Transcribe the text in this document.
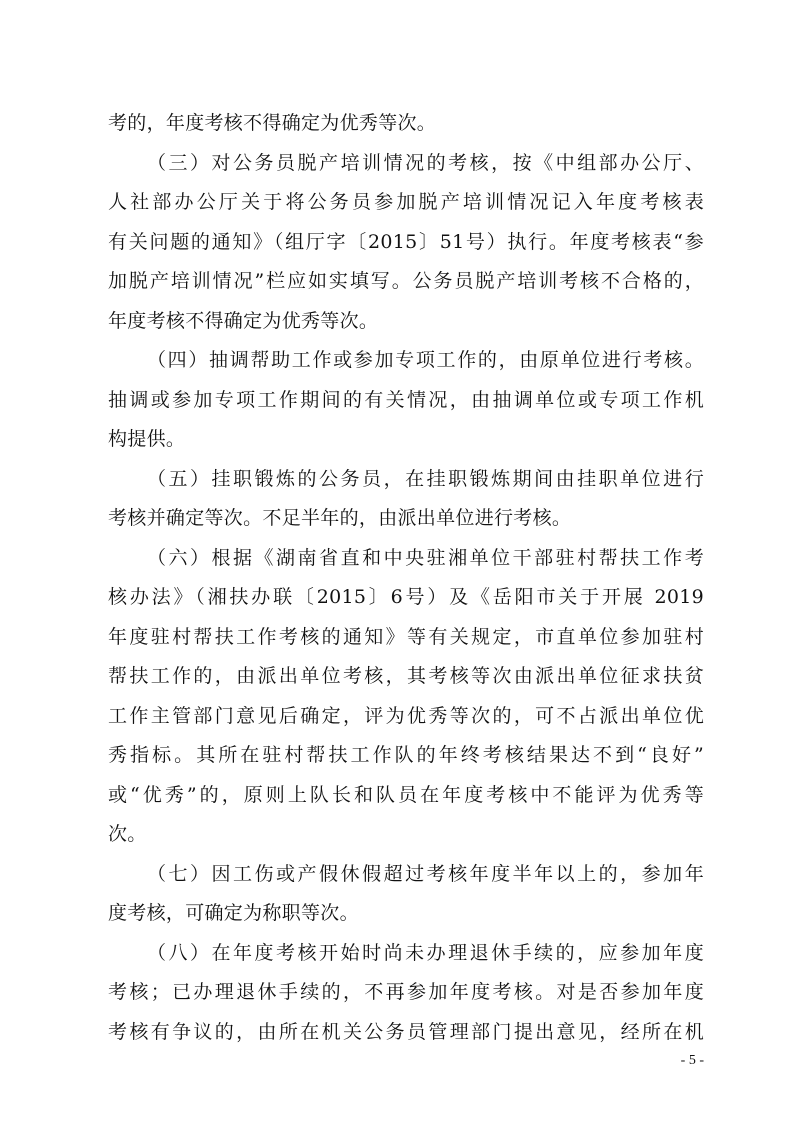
考的，年度考核不得确定为优秀等次。
（三）对公务员脱产培训情况的考核，按《中组部办公厅、
人社部办公厅关于将公务员参加脱产培训情况记入年度考核表
有关问题的通知》（组厅字〔2015〕51号）执行。年度考核表“参
加脱产培训情况”栏应如实填写。公务员脱产培训考核不合格的，
年度考核不得确定为优秀等次。
（四）抽调帮助工作或参加专项工作的，由原单位进行考核。
抽调或参加专项工作期间的有关情况，由抽调单位或专项工作机
构提供。
（五）挂职锻炼的公务员，在挂职锻炼期间由挂职单位进行
考核并确定等次。不足半年的，由派出单位进行考核。
（六）根据《湖南省直和中央驻湘单位干部驻村帮扶工作考
核办法》（湘扶办联〔2015〕6号）及《岳阳市关于开展 2019
年度驻村帮扶工作考核的通知》等有关规定，市直单位参加驻村
帮扶工作的，由派出单位考核，其考核等次由派出单位征求扶贫
工作主管部门意见后确定，评为优秀等次的，可不占派出单位优
秀指标。其所在驻村帮扶工作队的年终考核结果达不到“良好”
或“优秀”的，原则上队长和队员在年度考核中不能评为优秀等
次。
（七）因工伤或产假休假超过考核年度半年以上的，参加年
度考核，可确定为称职等次。
（八）在年度考核开始时尚未办理退休手续的，应参加年度
考核；已办理退休手续的，不再参加年度考核。对是否参加年度
考核有争议的，由所在机关公务员管理部门提出意见，经所在机
- 5 -
